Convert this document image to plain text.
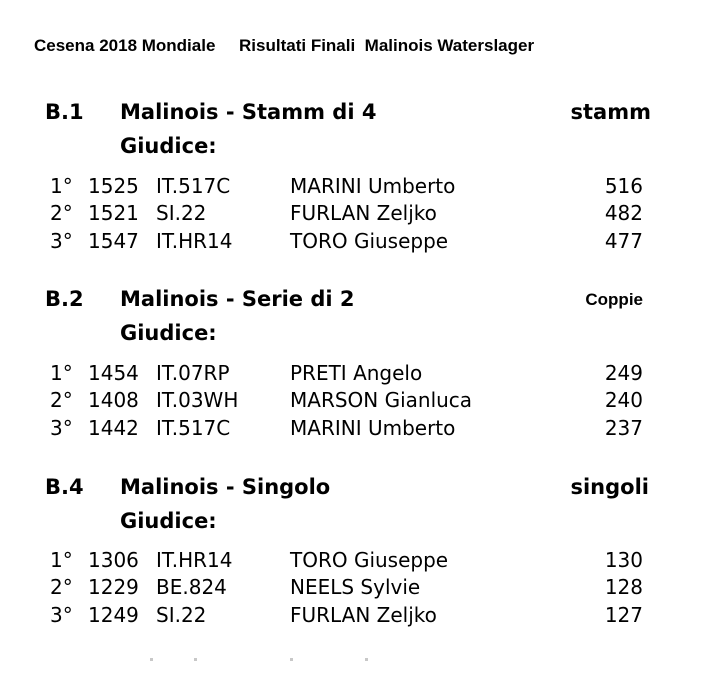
Cesena 2018 Mondiale     Risultati Finali  Malinois Waterslager
B.1 Malinois - Stamm di 4	stamm
Giudice:
1° 1525 IT.517C	MARINI Umberto	516
2° 1521 SI.22	FURLAN Zeljko	482
3° 1547 IT.HR14	TORO Giuseppe	477
B.2 Malinois - Serie di 2	Coppie
Giudice:
1° 1454 IT.07RP	PRETI Angelo	249
2° 1408 IT.03WH	MARSON Gianluca	240
3° 1442 IT.517C	MARINI Umberto	237
B.4 Malinois - Singolo	singoli
Giudice:
1° 1306 IT.HR14	TORO Giuseppe	130
2° 1229 BE.824	NEELS Sylvie	128
3° 1249 SI.22	FURLAN Zeljko	127
